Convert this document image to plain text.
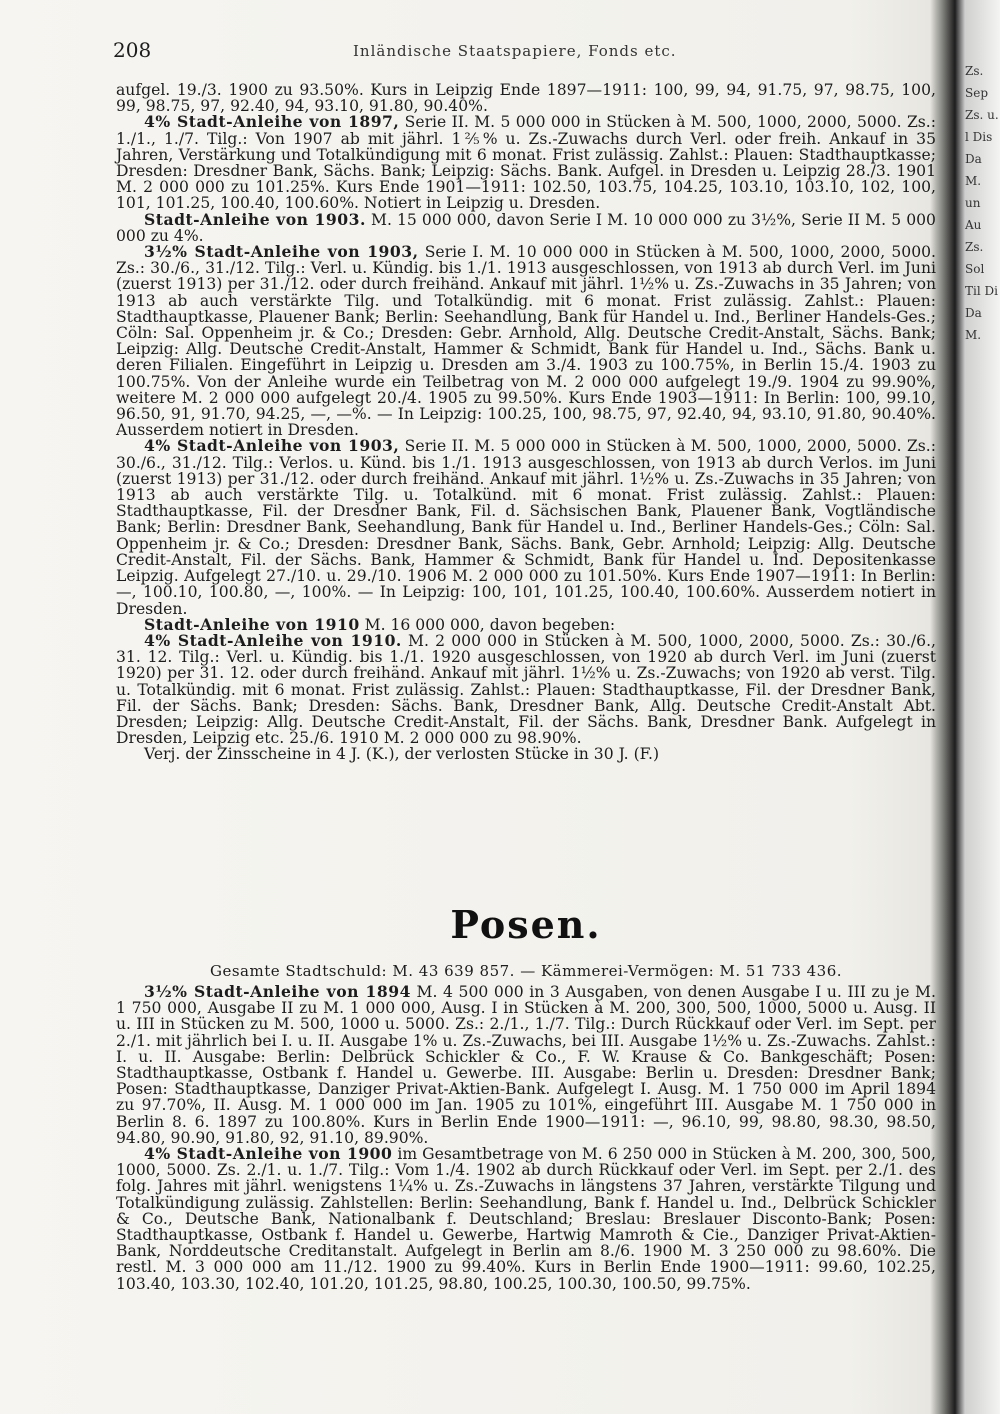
Zs. Sep Zs. u. l Dis Da M. un Au Zs. Sol Til Di Da M.
208	Inländische Staatspapiere, Fonds etc.

aufgel. 19./3. 1900 zu 93.50%. Kurs in Leipzig Ende 1897—1911: 100, 99, 94, 91.75, 97, 98.75, 100, 99, 98.75, 97, 92.40, 94, 93.10, 91.80, 90.40%.

4% Stadt-Anleihe von 1897, Serie II. M. 5 000 000 in Stücken à M. 500, 1000, 2000, 5000. Zs.: 1./1., 1./7. Tilg.: Von 1907 ab mit jährl. 1⅖% u. Zs.-Zuwachs durch Verl. oder freih. Ankauf in 35 Jahren, Verstärkung und Totalkündigung mit 6 monat. Frist zulässig. Zahlst.: Plauen: Stadthauptkasse; Dresden: Dresdner Bank, Sächs. Bank; Leipzig: Sächs. Bank. Aufgel. in Dresden u. Leipzig 28./3. 1901 M. 2 000 000 zu 101.25%. Kurs Ende 1901—1911: 102.50, 103.75, 104.25, 103.10, 103.10, 102, 100, 101, 101.25, 100.40, 100.60%. Notiert in Leipzig u. Dresden.

Stadt-Anleihe von 1903. M. 15 000 000, davon Serie I M. 10 000 000 zu 3½%, Serie II M. 5 000 000 zu 4%.

3½% Stadt-Anleihe von 1903, Serie I. M. 10 000 000 in Stücken à M. 500, 1000, 2000, 5000. Zs.: 30./6., 31./12. Tilg.: Verl. u. Kündig. bis 1./1. 1913 ausgeschlossen, von 1913 ab durch Verl. im Juni (zuerst 1913) per 31./12. oder durch freihänd. Ankauf mit jährl. 1½% u. Zs.-Zuwachs in 35 Jahren; von 1913 ab auch verstärkte Tilg. und Totalkündig. mit 6 monat. Frist zulässig. Zahlst.: Plauen: Stadthauptkasse, Plauener Bank; Berlin: Seehandlung, Bank für Handel u. Ind., Berliner Handels-Ges.; Cöln: Sal. Oppenheim jr. & Co.; Dresden: Gebr. Arnhold, Allg. Deutsche Credit-Anstalt, Sächs. Bank; Leipzig: Allg. Deutsche Credit-Anstalt, Hammer & Schmidt, Bank für Handel u. Ind., Sächs. Bank u. deren Filialen. Eingeführt in Leipzig u. Dresden am 3./4. 1903 zu 100.75%, in Berlin 15./4. 1903 zu 100.75%. Von der Anleihe wurde ein Teilbetrag von M. 2 000 000 aufgelegt 19./9. 1904 zu 99.90%, weitere M. 2 000 000 aufgelegt 20./4. 1905 zu 99.50%. Kurs Ende 1903—1911: In Berlin: 100, 99.10, 96.50, 91, 91.70, 94.25, —, —%. — In Leipzig: 100.25, 100, 98.75, 97, 92.40, 94, 93.10, 91.80, 90.40%. Ausserdem notiert in Dresden.

4% Stadt-Anleihe von 1903, Serie II. M. 5 000 000 in Stücken à M. 500, 1000, 2000, 5000. Zs.: 30./6., 31./12. Tilg.: Verlos. u. Künd. bis 1./1. 1913 ausgeschlossen, von 1913 ab durch Verlos. im Juni (zuerst 1913) per 31./12. oder durch freihänd. Ankauf mit jährl. 1½% u. Zs.-Zuwachs in 35 Jahren; von 1913 ab auch verstärkte Tilg. u. Totalkünd. mit 6 monat. Frist zulässig. Zahlst.: Plauen: Stadthauptkasse, Fil. der Dresdner Bank, Fil. d. Sächsischen Bank, Plauener Bank, Vogtländische Bank; Berlin: Dresdner Bank, Seehandlung, Bank für Handel u. Ind., Berliner Handels-Ges.; Cöln: Sal. Oppenheim jr. & Co.; Dresden: Dresdner Bank, Sächs. Bank, Gebr. Arnhold; Leipzig: Allg. Deutsche Credit-Anstalt, Fil. der Sächs. Bank, Hammer & Schmidt, Bank für Handel u. Ind. Depositenkasse Leipzig. Aufgelegt 27./10. u. 29./10. 1906 M. 2 000 000 zu 101.50%. Kurs Ende 1907—1911: In Berlin: —, 100.10, 100.80, —, 100%. — In Leipzig: 100, 101, 101.25, 100.40, 100.60%. Ausserdem notiert in Dresden.

Stadt-Anleihe von 1910 M. 16 000 000, davon begeben:

4% Stadt-Anleihe von 1910. M. 2 000 000 in Stücken à M. 500, 1000, 2000, 5000. Zs.: 30./6., 31. 12. Tilg.: Verl. u. Kündig. bis 1./1. 1920 ausgeschlossen, von 1920 ab durch Verl. im Juni (zuerst 1920) per 31. 12. oder durch freihänd. Ankauf mit jährl. 1½% u. Zs.-Zuwachs; von 1920 ab verst. Tilg. u. Totalkündig. mit 6 monat. Frist zulässig. Zahlst.: Plauen: Stadthauptkasse, Fil. der Dresdner Bank, Fil. der Sächs. Bank; Dresden: Sächs. Bank, Dresdner Bank, Allg. Deutsche Credit-Anstalt Abt. Dresden; Leipzig: Allg. Deutsche Credit-Anstalt, Fil. der Sächs. Bank, Dresdner Bank. Aufgelegt in Dresden, Leipzig etc. 25./6. 1910 M. 2 000 000 zu 98.90%.

Verj. der Zinsscheine in 4 J. (K.), der verlosten Stücke in 30 J. (F.)

Posen.
Gesamte Stadtschuld: M. 43 639 857. — Kämmerei-Vermögen: M. 51 733 436.

3½% Stadt-Anleihe von 1894 M. 4 500 000 in 3 Ausgaben, von denen Ausgabe I u. III zu je M. 1 750 000, Ausgabe II zu M. 1 000 000, Ausg. I in Stücken à M. 200, 300, 500, 1000, 5000 u. Ausg. II u. III in Stücken zu M. 500, 1000 u. 5000. Zs.: 2./1., 1./7. Tilg.: Durch Rückkauf oder Verl. im Sept. per 2./1. mit jährlich bei I. u. II. Ausgabe 1% u. Zs.-Zuwachs, bei III. Ausgabe 1½% u. Zs.-Zuwachs. Zahlst.: I. u. II. Ausgabe: Berlin: Delbrück Schickler & Co., F. W. Krause & Co. Bankgeschäft; Posen: Stadthauptkasse, Ostbank f. Handel u. Gewerbe. III. Ausgabe: Berlin u. Dresden: Dresdner Bank; Posen: Stadthauptkasse, Danziger Privat-Aktien-Bank. Aufgelegt I. Ausg. M. 1 750 000 im April 1894 zu 97.70%, II. Ausg. M. 1 000 000 im Jan. 1905 zu 101%, eingeführt III. Ausgabe M. 1 750 000 in Berlin 8. 6. 1897 zu 100.80%. Kurs in Berlin Ende 1900—1911: —, 96.10, 99, 98.80, 98.30, 98.50, 94.80, 90.90, 91.80, 92, 91.10, 89.90%.

4% Stadt-Anleihe von 1900 im Gesamtbetrage von M. 6 250 000 in Stücken à M. 200, 300, 500, 1000, 5000. Zs. 2./1. u. 1./7. Tilg.: Vom 1./4. 1902 ab durch Rückkauf oder Verl. im Sept. per 2./1. des folg. Jahres mit jährl. wenigstens 1¼% u. Zs.-Zuwachs in längstens 37 Jahren, verstärkte Tilgung und Totalkündigung zulässig. Zahlstellen: Berlin: Seehandlung, Bank f. Handel u. Ind., Delbrück Schickler & Co., Deutsche Bank, Nationalbank f. Deutschland; Breslau: Breslauer Disconto-Bank; Posen: Stadthauptkasse, Ostbank f. Handel u. Gewerbe, Hartwig Mamroth & Cie., Danziger Privat-Aktien-Bank, Norddeutsche Creditanstalt. Aufgelegt in Berlin am 8./6. 1900 M. 3 250 000 zu 98.60%. Die restl. M. 3 000 000 am 11./12. 1900 zu 99.40%. Kurs in Berlin Ende 1900—1911: 99.60, 102.25, 103.40, 103.30, 102.40, 101.20, 101.25, 98.80, 100.25, 100.30, 100.50, 99.75%.
